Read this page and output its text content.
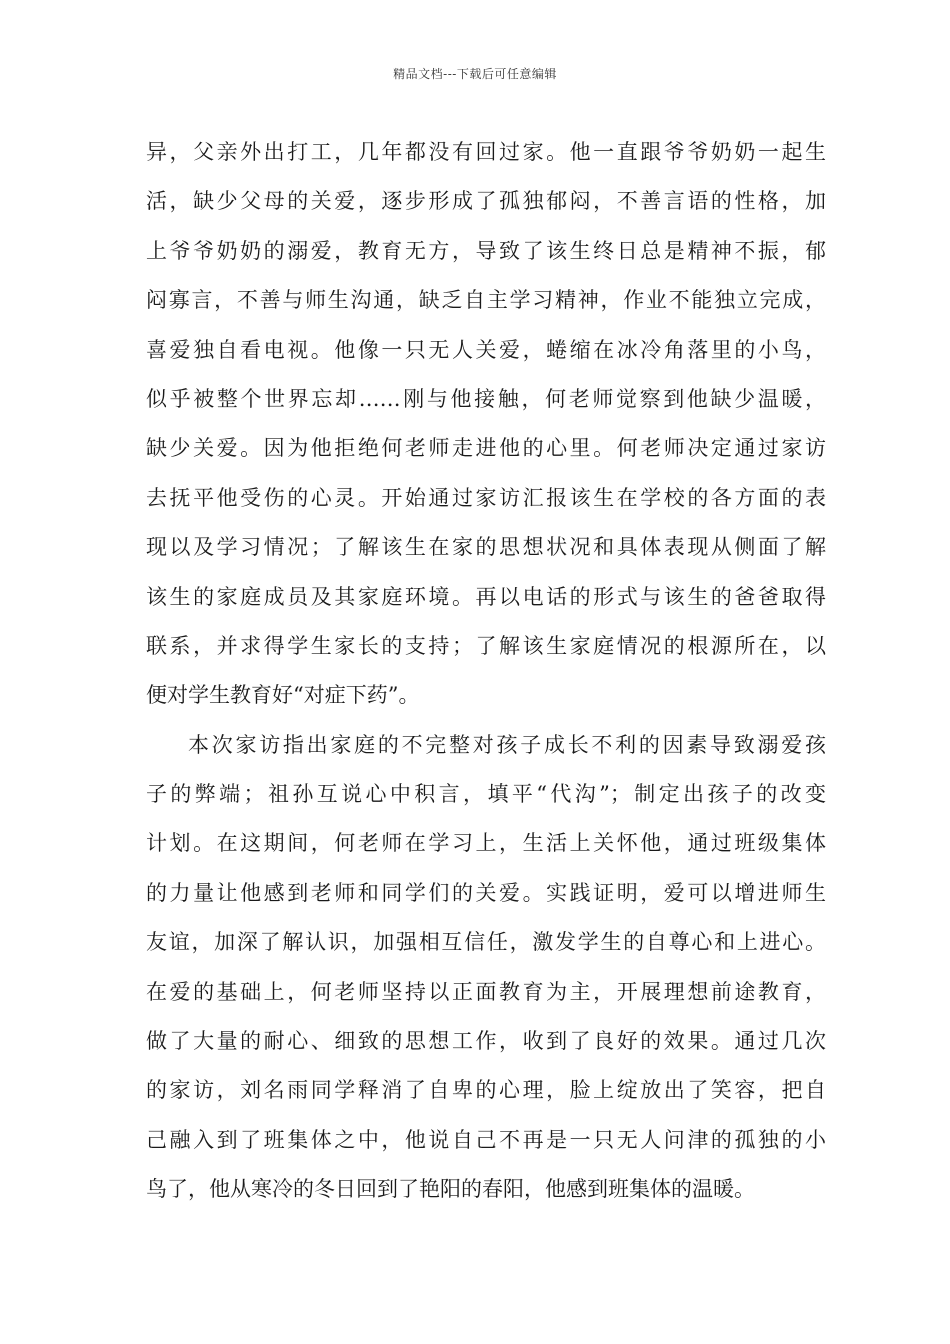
精品文档---下载后可任意编辑
异，父亲外出打工，几年都没有回过家。他一直跟爷爷奶奶一起生
活，缺少父母的关爱，逐步形成了孤独郁闷，不善言语的性格，加
上爷爷奶奶的溺爱，教育无方，导致了该生终日总是精神不振，郁
闷寡言，不善与师生沟通，缺乏自主学习精神，作业不能独立完成，
喜爱独自看电视。他像一只无人关爱，蜷缩在冰冷角落里的小鸟，
似乎被整个世界忘却……刚与他接触，何老师觉察到他缺少温暖，
缺少关爱。因为他拒绝何老师走进他的心里。何老师决定通过家访
去抚平他受伤的心灵。开始通过家访汇报该生在学校的各方面的表
现以及学习情况；了解该生在家的思想状况和具体表现从侧面了解
该生的家庭成员及其家庭环境。再以电话的形式与该生的爸爸取得
联系，并求得学生家长的支持；了解该生家庭情况的根源所在，以
便对学生教育好“对症下药”。
本次家访指出家庭的不完整对孩子成长不利的因素导致溺爱孩
子的弊端；祖孙互说心中积言，填平“代沟”；制定出孩子的改变
计划。在这期间，何老师在学习上，生活上关怀他，通过班级集体
的力量让他感到老师和同学们的关爱。实践证明，爱可以增进师生
友谊，加深了解认识，加强相互信任，激发学生的自尊心和上进心。
在爱的基础上，何老师坚持以正面教育为主，开展理想前途教育，
做了大量的耐心、细致的思想工作，收到了良好的效果。通过几次
的家访，刘名雨同学释消了自卑的心理，脸上绽放出了笑容，把自
己融入到了班集体之中，他说自己不再是一只无人问津的孤独的小
鸟了，他从寒冷的冬日回到了艳阳的春阳，他感到班集体的温暖。
